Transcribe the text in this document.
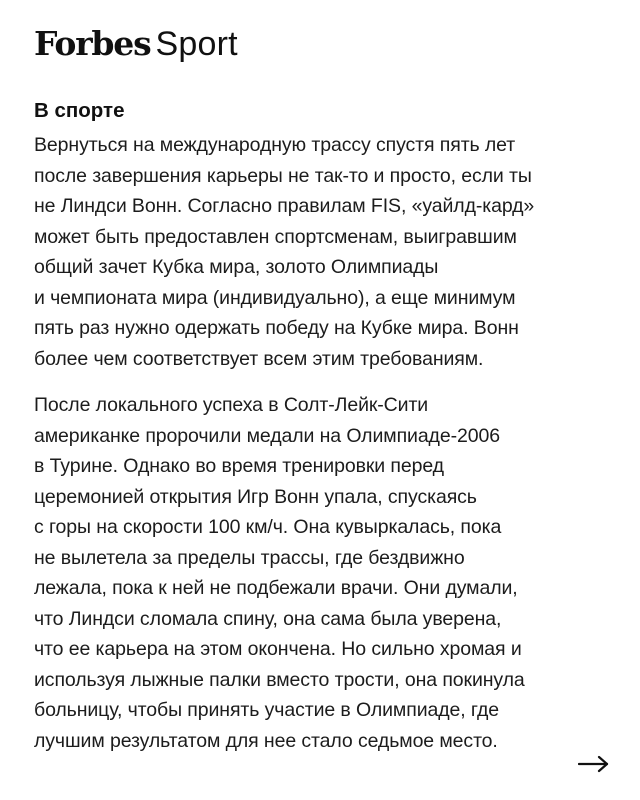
Forbes Sport
В спорте

Вернуться на международную трассу спустя пять лет
после завершения карьеры не так-то и просто, если ты
не Линдси Вонн. Согласно правилам FIS, «уайлд-кард»
может быть предоставлен спортсменам, выигравшим
общий зачет Кубка мира, золото Олимпиады
и чемпионата мира (индивидуально), а еще минимум
пять раз нужно одержать победу на Кубке мира. Вонн
более чем соответствует всем этим требованиям.

После локального успеха в Солт-Лейк-Сити
американке пророчили медали на Олимпиаде-2006
в Турине. Однако во время тренировки перед
церемонией открытия Игр Вонн упала, спускаясь
с горы на скорости 100 км/ч. Она кувыркалась, пока
не вылетела за пределы трассы, где бездвижно
лежала, пока к ней не подбежали врачи. Они думали,
что Линдси сломала спину, она сама была уверена,
что ее карьера на этом окончена. Но сильно хромая и
используя лыжные палки вместо трости, она покинула
больницу, чтобы принять участие в Олимпиаде, где
лучшим результатом для нее стало седьмое место.
